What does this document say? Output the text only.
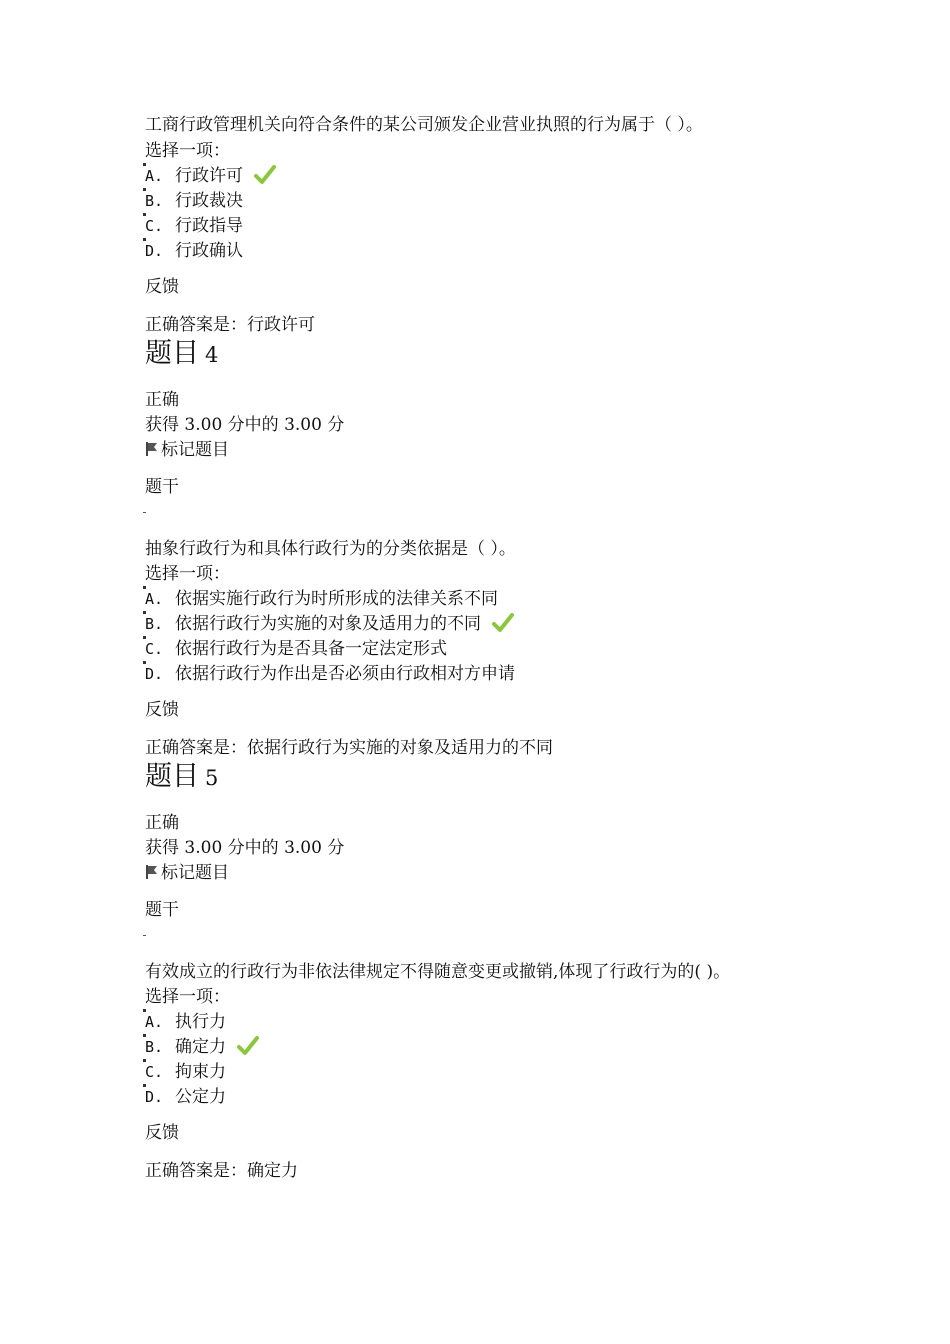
工商行政管理机关向符合条件的某公司颁发企业营业执照的行为属于（ ）。
选择一项：
A. 行政许可
B. 行政裁决
C. 行政指导
D. 行政确认
反馈
正确答案是：行政许可
题目 4
正确
获得 3.00 分中的 3.00 分
标记题目
题干
抽象行政行为和具体行政行为的分类依据是（ ）。
选择一项：
A. 依据实施行政行为时所形成的法律关系不同
B. 依据行政行为实施的对象及适用力的不同
C. 依据行政行为是否具备一定法定形式
D. 依据行政行为作出是否必须由行政相对方申请
反馈
正确答案是：依据行政行为实施的对象及适用力的不同
题目 5
正确
获得 3.00 分中的 3.00 分
标记题目
题干
有效成立的行政行为非依法律规定不得随意变更或撤销,体现了行政行为的( )。
选择一项：
A. 执行力
B. 确定力
C. 拘束力
D. 公定力
反馈
正确答案是：确定力
